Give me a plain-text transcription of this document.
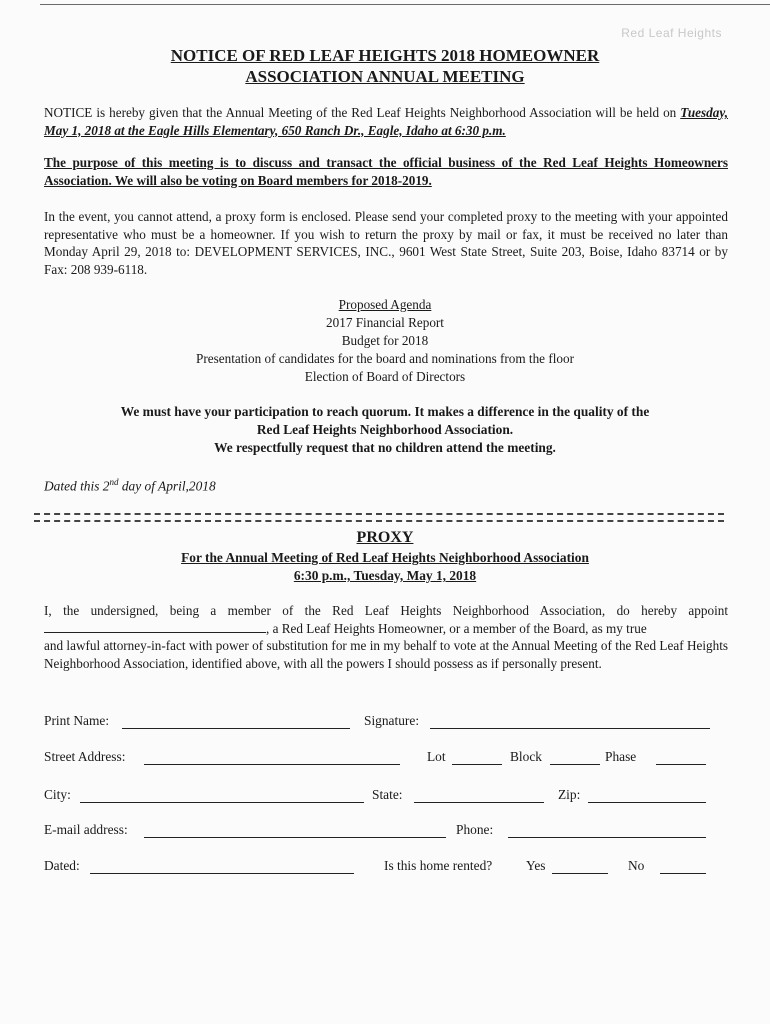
Red Leaf Heights
NOTICE OF RED LEAF HEIGHTS 2018 HOMEOWNER
ASSOCIATION ANNUAL MEETING
NOTICE is hereby given that the Annual Meeting of the Red Leaf Heights Neighborhood Association will be held on Tuesday, May 1, 2018 at the Eagle Hills Elementary, 650 Ranch Dr., Eagle, Idaho at 6:30 p.m.
The purpose of this meeting is to discuss and transact the official business of the Red Leaf Heights Homeowners Association. We will also be voting on Board members for 2018-2019.
In the event, you cannot attend, a proxy form is enclosed. Please send your completed proxy to the meeting with your appointed representative who must be a homeowner. If you wish to return the proxy by mail or fax, it must be received no later than Monday April 29, 2018 to: DEVELOPMENT SERVICES, INC., 9601 West State Street, Suite 203, Boise, Idaho 83714 or by Fax: 208 939-6118.
Proposed Agenda
2017 Financial Report
Budget for 2018
Presentation of candidates for the board and nominations from the floor
Election of Board of Directors
We must have your participation to reach quorum. It makes a difference in the quality of the
Red Leaf Heights Neighborhood Association.
We respectfully request that no children attend the meeting.
Dated this 2nd day of April,2018
PROXY
For the Annual Meeting of Red Leaf Heights Neighborhood Association
6:30 p.m., Tuesday, May 1, 2018
I, the undersigned, being a member of the Red Leaf Heights Neighborhood Association, do hereby appoint
, a Red Leaf Heights Homeowner, or a member of the Board, as my true
and lawful attorney-in-fact with power of substitution for me in my behalf to vote at the Annual Meeting of the Red Leaf Heights Neighborhood Association, identified above, with all the powers I should possess as if personally present.
Print Name:	Signature:
Street Address:	Lot	Block	Phase
City:	State:	Zip:
E-mail address:	Phone:
Dated:	Is this home rented?	Yes	No
